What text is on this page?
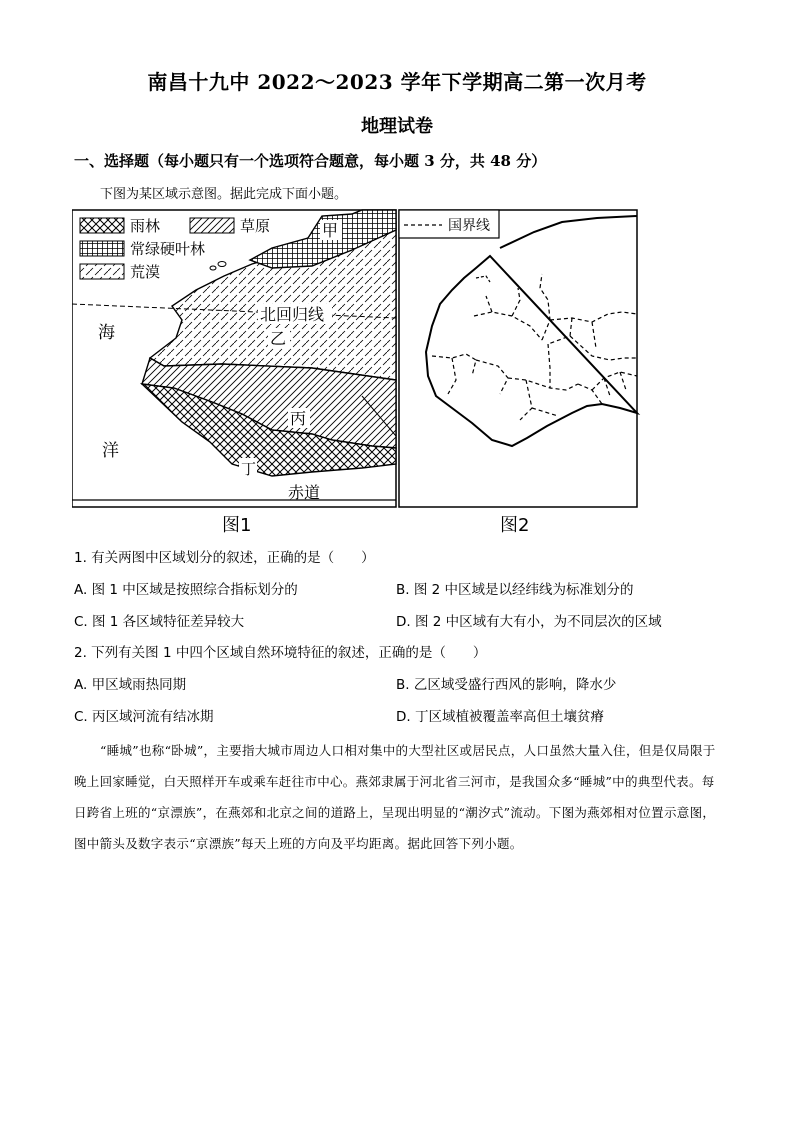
南昌十九中 2022～2023 学年下学期高二第一次月考
地理试卷
一、选择题（每小题只有一个选项符合题意，每小题 3 分，共 48 分）
下图为某区域示意图。据此完成下面小题。
雨林	草原
常绿硬叶林
荒漠
甲
北回归线
乙
丙
丁
海
洋
赤道
国界线
图1	图2
1. 有关两图中区域划分的叙述，正确的是（　　）
A. 图 1 中区域是按照综合指标划分的	B. 图 2 中区域是以经纬线为标准划分的
C. 图 1 各区域特征差异较大	D. 图 2 中区域有大有小，为不同层次的区域
2. 下列有关图 1 中四个区域自然环境特征的叙述，正确的是（　　）
A. 甲区域雨热同期	B. 乙区域受盛行西风的影响，降水少
C. 丙区域河流有结冰期	D. 丁区域植被覆盖率高但土壤贫瘠
“睡城”也称“卧城”，主要指大城市周边人口相对集中的大型社区或居民点，人口虽然大量入住，但是仅局限于晚上回家睡觉，白天照样开车或乘车赶往市中心。燕郊隶属于河北省三河市，是我国众多“睡城”中的典型代表。每日跨省上班的“京漂族”，在燕郊和北京之间的道路上，呈现出明显的“潮汐式”流动。下图为燕郊相对位置示意图，图中箭头及数字表示“京漂族”每天上班的方向及平均距离。据此回答下列小题。
